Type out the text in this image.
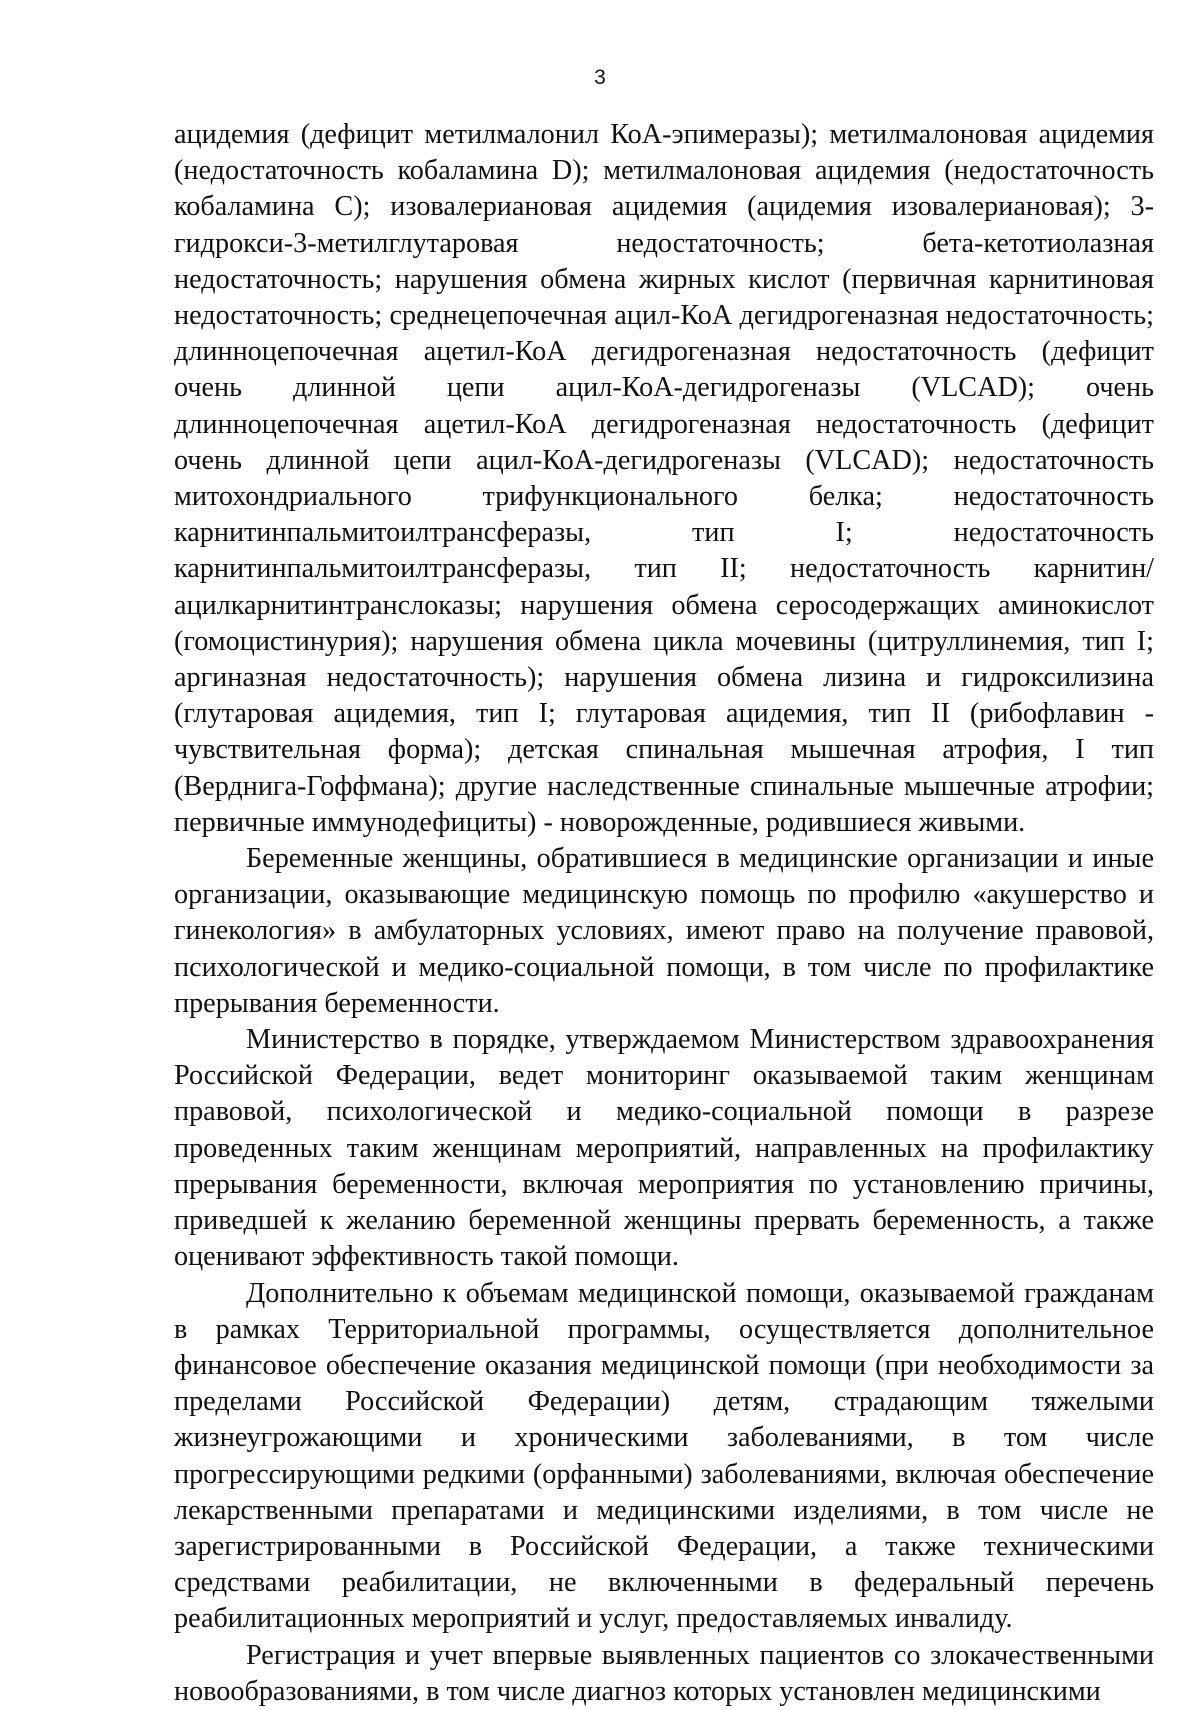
3

ацидемия (дефицит метилмалонил КоА-эпимеразы); метилмалоновая ацидемия (недостаточность кобаламина D); метилмалоновая ацидемия (недостаточность кобаламина C); изовалериановая ацидемия (ацидемия изовалериановая); 3-гидрокси-3-метилглутаровая недостаточность; бета-кетотиолазная недостаточность; нарушения обмена жирных кислот (первичная карнитиновая недостаточность; среднецепочечная ацил-КоА дегидрогеназная недостаточность; длинноцепочечная ацетил-КоА дегидрогеназная недостаточность (дефицит очень длинной цепи ацил-КоА-дегидрогеназы (VLCAD); очень длинноцепочечная ацетил-КоА дегидрогеназная недостаточность (дефицит очень длинной цепи ацил-КоА-дегидрогеназы (VLCAD); недостаточность митохондриального трифункционального белка; недостаточность карнитинпальмитоилтрансферазы, тип I; недостаточность карнитинпальмитоилтрансферазы, тип II; недостаточность карнитин/ацилкарнитинтранслоказы; нарушения обмена серосодержащих аминокислот (гомоцистинурия); нарушения обмена цикла мочевины (цитруллинемия, тип I; аргиназная недостаточность); нарушения обмена лизина и гидроксилизина (глутаровая ацидемия, тип I; глутаровая ацидемия, тип II (рибофлавин - чувствительная форма); детская спинальная мышечная атрофия, I тип (Верднига-Гоффмана); другие наследственные спинальные мышечные атрофии; первичные иммунодефициты) - новорожденные, родившиеся живыми.

Беременные женщины, обратившиеся в медицинские организации и иные организации, оказывающие медицинскую помощь по профилю «акушерство и гинекология» в амбулаторных условиях, имеют право на получение правовой, психологической и медико-социальной помощи, в том числе по профилактике прерывания беременности.

Министерство в порядке, утверждаемом Министерством здравоохранения Российской Федерации, ведет мониторинг оказываемой таким женщинам правовой, психологической и медико-социальной помощи в разрезе проведенных таким женщинам мероприятий, направленных на профилактику прерывания беременности, включая мероприятия по установлению причины, приведшей к желанию беременной женщины прервать беременность, а также оценивают эффективность такой помощи.

Дополнительно к объемам медицинской помощи, оказываемой гражданам в рамках Территориальной программы, осуществляется дополнительное финансовое обеспечение оказания медицинской помощи (при необходимости за пределами Российской Федерации) детям, страдающим тяжелыми жизнеугрожающими и хроническими заболеваниями, в том числе прогрессирующими редкими (орфанными) заболеваниями, включая обеспечение лекарственными препаратами и медицинскими изделиями, в том числе не зарегистрированными в Российской Федерации, а также техническими средствами реабилитации, не включенными в федеральный перечень реабилитационных мероприятий и услуг, предоставляемых инвалиду.

Регистрация и учет впервые выявленных пациентов со злокачественными новообразованиями, в том числе диагноз которых установлен медицинскими
